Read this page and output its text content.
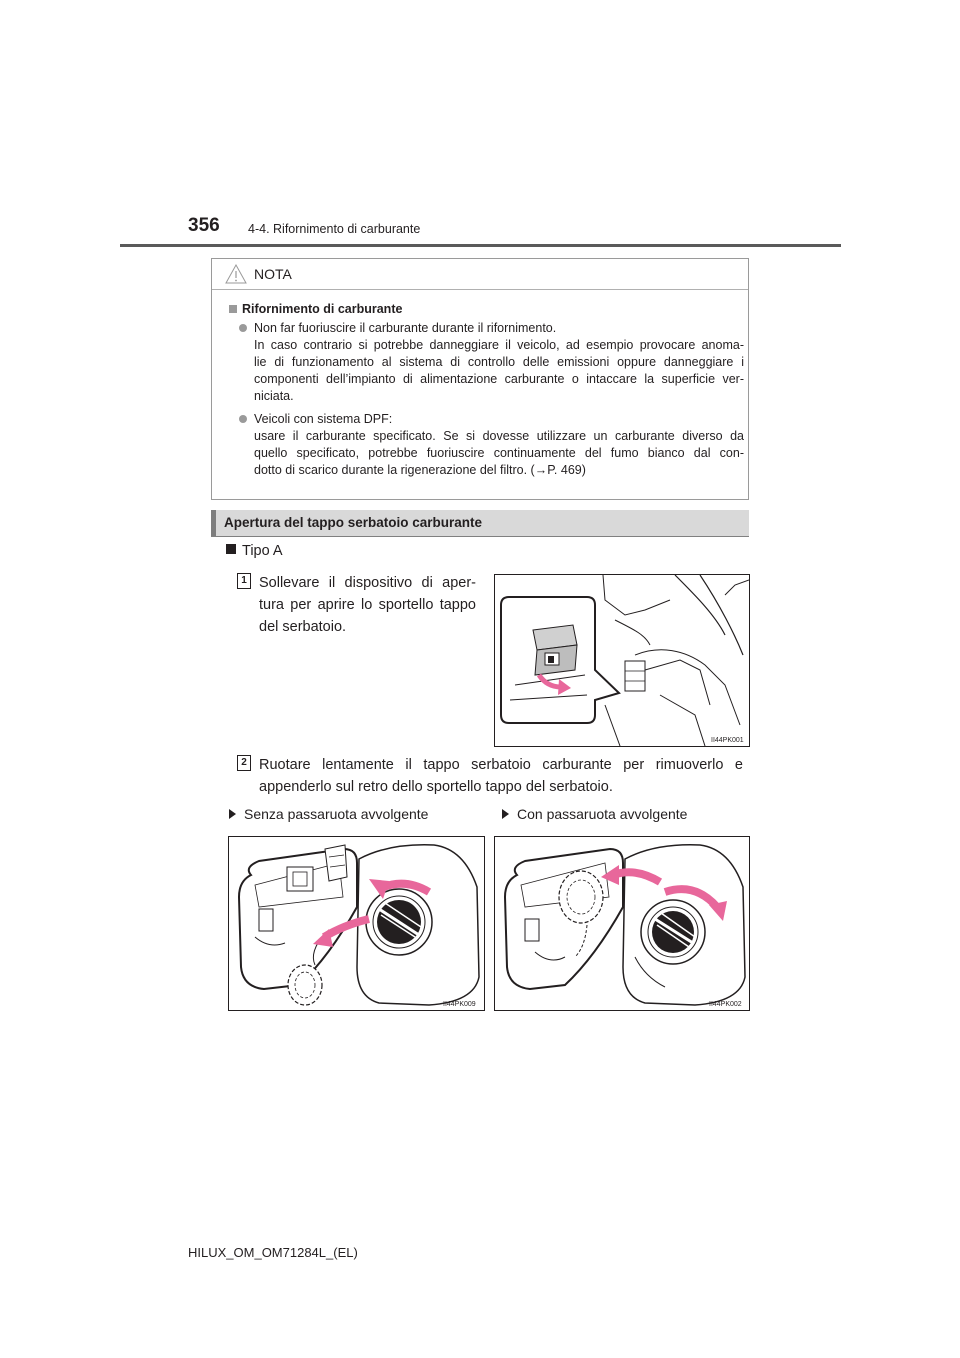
356 4-4. Rifornimento di carburante
NOTA
Rifornimento di carburante

Non far fuoriuscire il carburante durante il rifornimento.
In caso contrario si potrebbe danneggiare il veicolo, ad esempio provocare anoma-
lie di funzionamento al sistema di controllo delle emissioni oppure danneggiare i
componenti dell’impianto di alimentazione carburante o intaccare la superficie ver-
niciata.

Veicoli con sistema DPF:
usare il carburante specificato. Se si dovesse utilizzare un carburante diverso da
quello specificato, potrebbe fuoriuscire continuamente del fumo bianco dal con-
dotto di scarico durante la rigenerazione del filtro. (→P. 469)

Apertura del tappo serbatoio carburante
Tipo A
1 Sollevare il dispositivo di aper-
tura per aprire lo sportello tappo
del serbatoio.
II44PK001
2 Ruotare lentamente il tappo serbatoio carburante per rimuoverlo e
appenderlo sul retro dello sportello tappo del serbatoio.
Senza passaruota avvolgente	Con passaruota avvolgente
II44PK009	II44PK002
HILUX_OM_OM71284L_(EL)
